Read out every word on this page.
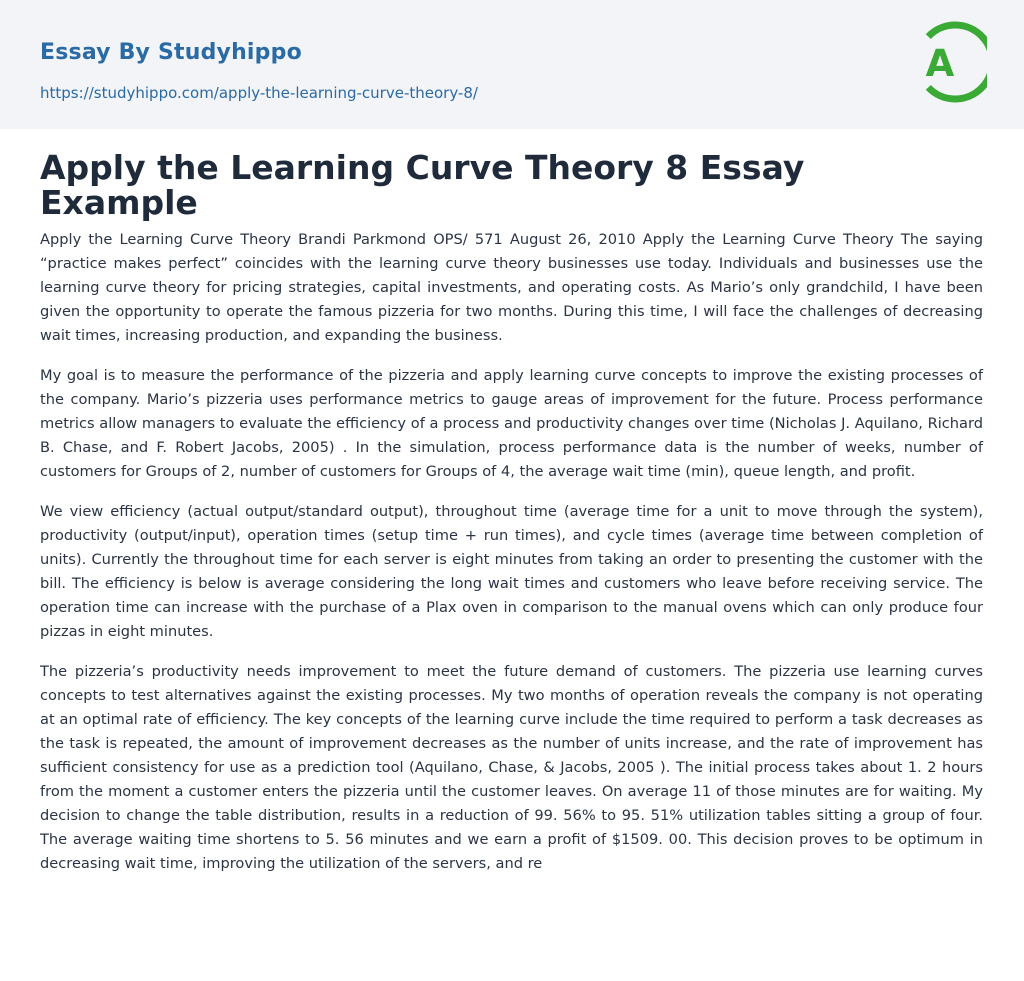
Essay By Studyhippo
https://studyhippo.com/apply-the-learning-curve-theory-8/
A
Apply the Learning Curve Theory 8 Essay Example

Apply the Learning Curve Theory Brandi Parkmond OPS/ 571 August 26, 2010 Apply the Learning Curve Theory The saying “practice makes perfect” coincides with the learning curve theory businesses use today. Individuals and businesses use the learning curve theory for pricing strategies, capital investments, and operating costs. As Mario’s only grandchild, I have been given the opportunity to operate the famous pizzeria for two months. During this time, I will face the challenges of decreasing wait times, increasing production, and expanding the business.

My goal is to measure the performance of the pizzeria and apply learning curve concepts to improve the existing processes of the company. Mario’s pizzeria uses performance metrics to gauge areas of improvement for the future. Process performance metrics allow managers to evaluate the efficiency of a process and productivity changes over time (Nicholas J. Aquilano, Richard B. Chase, and F. Robert Jacobs, 2005) . In the simulation, process performance data is the number of weeks, number of customers for Groups of 2, number of customers for Groups of 4, the average wait time (min), queue length, and profit.

We view efficiency (actual output/standard output), throughout time (average time for a unit to move through the system), productivity (output/input), operation times (setup time + run times), and cycle times (average time between completion of units). Currently the throughout time for each server is eight minutes from taking an order to presenting the customer with the bill. The efficiency is below is average considering the long wait times and customers who leave before receiving service. The operation time can increase with the purchase of a Plax oven in comparison to the manual ovens which can only produce four pizzas in eight minutes.

The pizzeria’s productivity needs improvement to meet the future demand of customers. The pizzeria use learning curves concepts to test alternatives against the existing processes. My two months of operation reveals the company is not operating at an optimal rate of efficiency. The key concepts of the learning curve include the time required to perform a task decreases as the task is repeated, the amount of improvement decreases as the number of units increase, and the rate of improvement has sufficient consistency for use as a prediction tool (Aquilano, Chase, & Jacobs, 2005 ). The initial process takes about 1. 2 hours from the moment a customer enters the pizzeria until the customer leaves. On average 11 of those minutes are for waiting. My decision to change the table distribution, results in a reduction of 99. 56% to 95. 51% utilization tables sitting a group of four. The average waiting time shortens to 5. 56 minutes and we earn a profit of $1509. 00. This decision proves to be optimum in decreasing wait time, improving the utilization of the servers, and re
